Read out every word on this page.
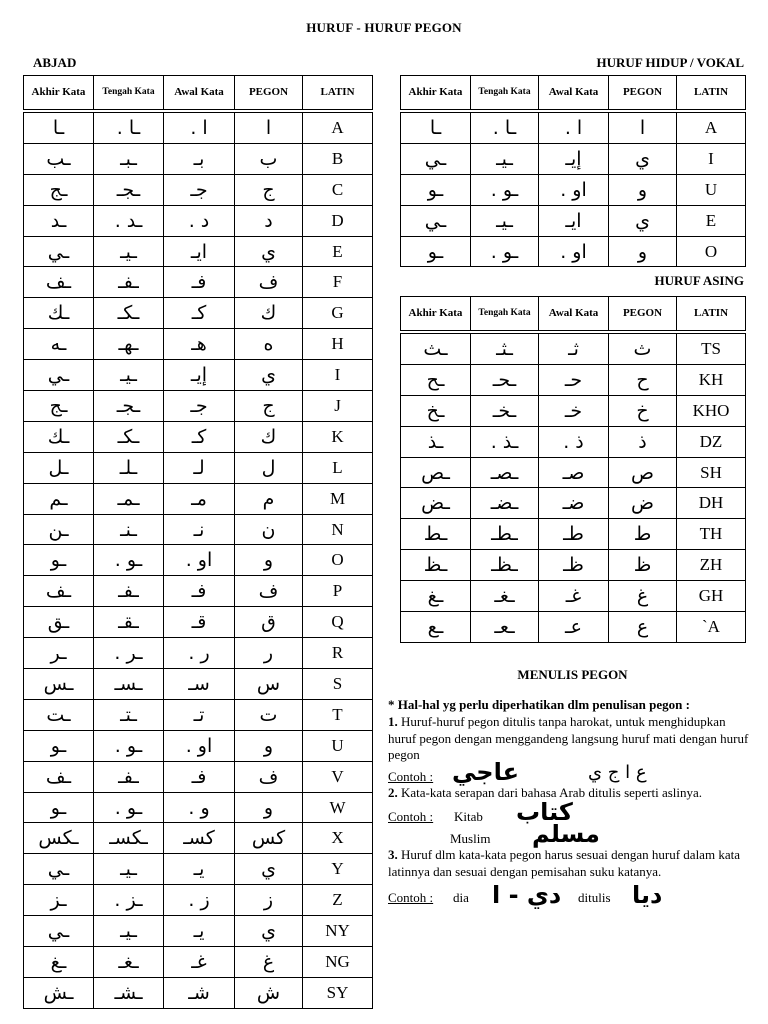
HURUF - HURUF PEGON
ABJAD	HURUF HIDUP / VOKAL
HURUF ASING
Akhir Kata	Tengah Kata	Awal Kata	PEGON	LATIN

ـا	ـا .	ا .	ا	A
ـب	ـبـ	بـ	ب	B
ـج	ـجـ	جـ	ج	C
ـد	ـد .	د .	د	D
ـي	ـيـ	ايـ	ي	E
ـف	ـفـ	فـ	ف	F
ـك	ـكـ	كـ	ك	G
ـه	ـهـ	هـ	ه	H
ـي	ـيـ	إيـ	ي	I
ـج	ـجـ	جـ	ج	J
ـك	ـكـ	كـ	ك	K
ـل	ـلـ	لـ	ل	L
ـم	ـمـ	مـ	م	M
ـن	ـنـ	نـ	ن	N
ـو	ـو .	او .	و	O
ـف	ـفـ	فـ	ف	P
ـق	ـقـ	قـ	ق	Q
ـر	ـر .	ر .	ر	R
ـس	ـسـ	سـ	س	S
ـت	ـتـ	تـ	ت	T
ـو	ـو .	او .	و	U
ـف	ـفـ	فـ	ف	V
ـو	ـو .	و .	و	W
ـكس	ـكسـ	كسـ	كس	X
ـي	ـيـ	يـ	ي	Y
ـز	ـز .	ز .	ز	Z
ـي	ـيـ	يـ	ي	NY
ـغ	ـغـ	غـ	غ	NG
ـش	ـشـ	شـ	ش	SY
Akhir Kata	Tengah Kata	Awal Kata	PEGON	LATIN

ـا	ـا .	ا .	ا	A
ـي	ـيـ	إيـ	ي	I
ـو	ـو .	او .	و	U
ـي	ـيـ	ايـ	ي	E
ـو	ـو .	او .	و	O
Akhir Kata	Tengah Kata	Awal Kata	PEGON	LATIN

ـث	ـثـ	ثـ	ث	TS
ـح	ـحـ	حـ	ح	KH
ـخ	ـخـ	خـ	خ	KHO
ـذ	ـذ .	ذ .	ذ	DZ
ـص	ـصـ	صـ	ص	SH
ـض	ـضـ	ضـ	ض	DH
ـط	ـطـ	طـ	ط	TH
ـظ	ـظـ	ظـ	ظ	ZH
ـغ	ـغـ	غـ	غ	GH
ـع	ـعـ	عـ	ع	`A
MENULIS PEGON

* Hal-hal yg perlu diperhatikan dlm penulisan pegon :

1. Huruf-huruf pegon ditulis tanpa harokat, untuk menghidupkan huruf pegon dengan menggandeng langsung huruf mati dengan huruf pegon

Contoh : عاجي	ع ا ج ي

2. Kata-kata serapan dari bahasa Arab ditulis seperti aslinya.

Contoh : Kitab كتاب
Muslim مسلم

3. Huruf dlm kata-kata pegon harus sesuai dengan huruf dalam kata latinnya dan sesuai dengan pemisahan suku katanya.

Contoh : dia دي - ا ditulis ديا
